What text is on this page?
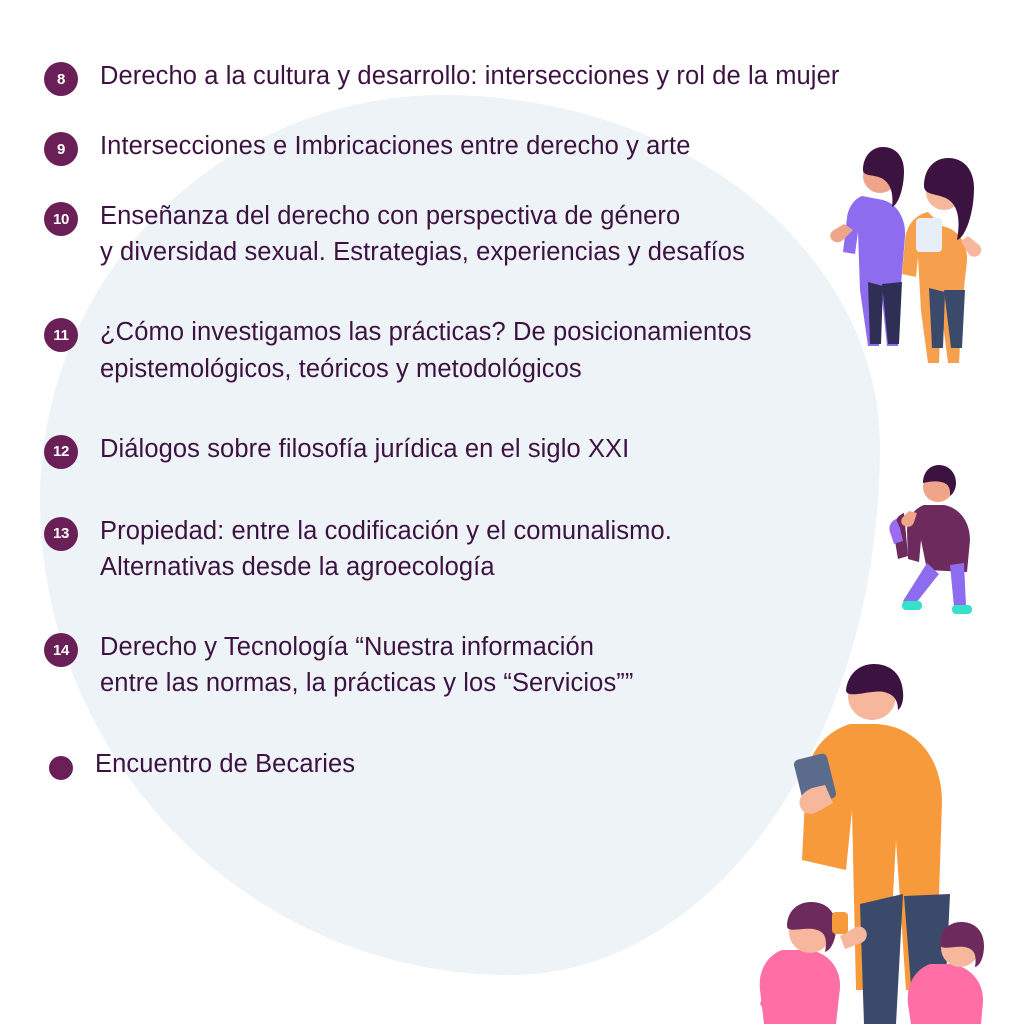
8	Derecho a la cultura y desarrollo: intersecciones y rol de la mujer
9	Intersecciones e Imbricaciones entre derecho y arte
10	Enseñanza del derecho con perspectiva de género
y diversidad sexual. Estrategias, experiencias y desafíos
11	¿Cómo investigamos las prácticas? De posicionamientos
epistemológicos, teóricos y metodológicos
12	Diálogos sobre filosofía jurídica en el siglo XXI
13	Propiedad: entre la codificación y el comunalismo.
Alternativas desde la agroecología
14	Derecho y Tecnología “Nuestra información
entre las normas, la prácticas y los “Servicios””
Encuentro de Becaries
